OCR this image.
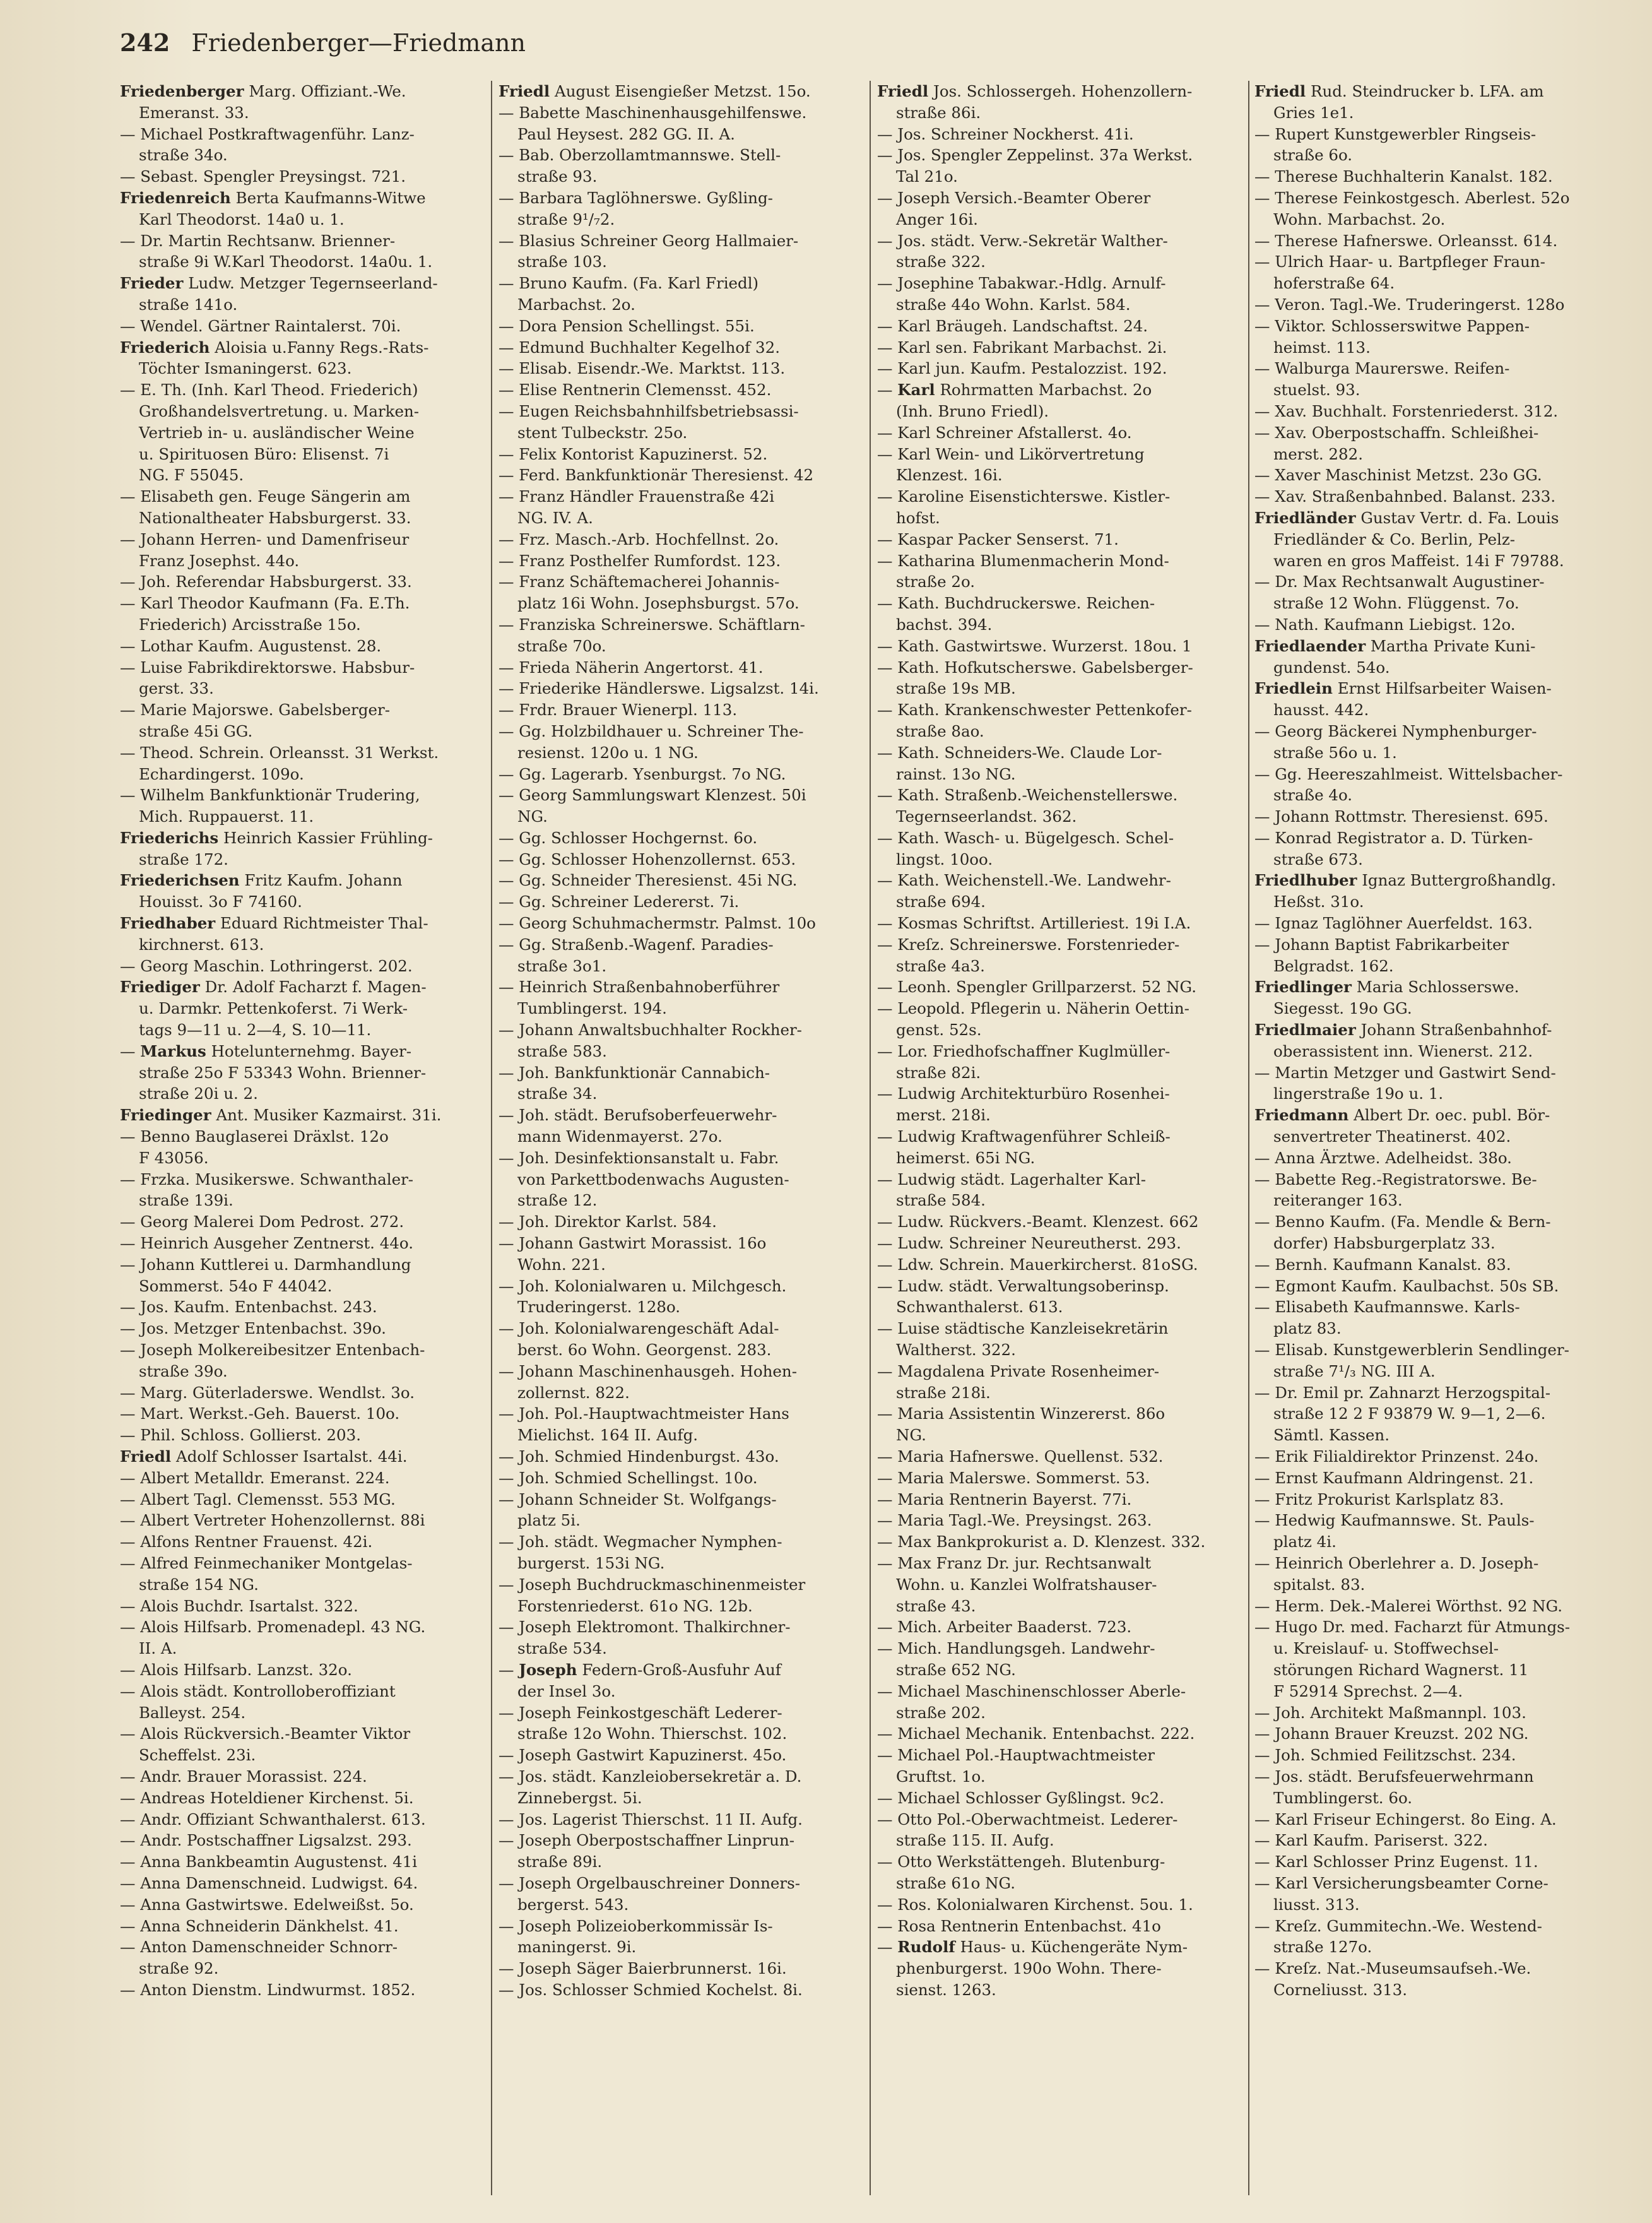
242 Friedenberger—Friedmann
Friedenberger Marg. Offiziant.-We.
Emeranst. 33.
— Michael Postkraftwagenführ. Lanz-
straße 34o.
— Sebast. Spengler Preysingst. 721.
Friedenreich Berta Kaufmanns-Witwe
Karl Theodorst. 14a0 u. 1.
— Dr. Martin Rechtsanw. Brienner-
straße 9i W.Karl Theodorst. 14a0u. 1.
Frieder Ludw. Metzger Tegernseerland-
straße 141o.
— Wendel. Gärtner Raintalerst. 70i.
Friederich Aloisia u.Fanny Regs.-Rats-
Töchter Ismaningerst. 623.
— E. Th. (Inh. Karl Theod. Friederich)
Großhandelsvertretung. u. Marken-
Vertrieb in- u. ausländischer Weine
u. Spirituosen Büro: Elisenst. 7i
NG. F 55045.
— Elisabeth gen. Feuge Sängerin am
Nationaltheater Habsburgerst. 33.
— Johann Herren- und Damenfriseur
Franz Josephst. 44o.
— Joh. Referendar Habsburgerst. 33.
— Karl Theodor Kaufmann (Fa. E.Th.
Friederich) Arcisstraße 15o.
— Lothar Kaufm. Augustenst. 28.
— Luise Fabrikdirektorswe. Habsbur-
gerst. 33.
— Marie Majorswe. Gabelsberger-
straße 45i GG.
— Theod. Schrein. Orleansst. 31 Werkst.
Echardingerst. 109o.
— Wilhelm Bankfunktionär Trudering,
Mich. Ruppauerst. 11.
Friederichs Heinrich Kassier Frühling-
straße 172.
Friederichsen Fritz Kaufm. Johann
Houisst. 3o F 74160.
Friedhaber Eduard Richtmeister Thal-
kirchnerst. 613.
— Georg Maschin. Lothringerst. 202.
Friediger Dr. Adolf Facharzt f. Magen-
u. Darmkr. Pettenkoferst. 7i Werk-
tags 9—11 u. 2—4, S. 10—11.
— Markus Hotelunternehmg. Bayer-
straße 25o F 53343 Wohn. Brienner-
straße 20i u. 2.
Friedinger Ant. Musiker Kazmairst. 31i.
— Benno Bauglaserei Dräxlst. 12o
F 43056.
— Frzka. Musikerswe. Schwanthaler-
straße 139i.
— Georg Malerei Dom Pedrost. 272.
— Heinrich Ausgeher Zentnerst. 44o.
— Johann Kuttlerei u. Darmhandlung
Sommerst. 54o F 44042.
— Jos. Kaufm. Entenbachst. 243.
— Jos. Metzger Entenbachst. 39o.
— Joseph Molkereibesitzer Entenbach-
straße 39o.
— Marg. Güterladerswe. Wendlst. 3o.
— Mart. Werkst.-Geh. Bauerst. 10o.
— Phil. Schloss. Gollierst. 203.
Friedl Adolf Schlosser Isartalst. 44i.
— Albert Metalldr. Emeranst. 224.
— Albert Tagl. Clemensst. 553 MG.
— Albert Vertreter Hohenzollernst. 88i
— Alfons Rentner Frauenst. 42i.
— Alfred Feinmechaniker Montgelas-
straße 154 NG.
— Alois Buchdr. Isartalst. 322.
— Alois Hilfsarb. Promenadepl. 43 NG.
II. A.
— Alois Hilfsarb. Lanzst. 32o.
— Alois städt. Kontrolloberoffiziant
Balleyst. 254.
— Alois Rückversich.-Beamter Viktor
Scheffelst. 23i.
— Andr. Brauer Morassist. 224.
— Andreas Hoteldiener Kirchenst. 5i.
— Andr. Offiziant Schwanthalerst. 613.
— Andr. Postschaffner Ligsalzst. 293.
— Anna Bankbeamtin Augustenst. 41i
— Anna Damenschneid. Ludwigst. 64.
— Anna Gastwirtswe. Edelweißst. 5o.
— Anna Schneiderin Dänkhelst. 41.
— Anton Damenschneider Schnorr-
straße 92.
— Anton Dienstm. Lindwurmst. 1852.
Friedl August Eisengießer Metzst. 15o.
— Babette Maschinenhausgehilfenswe.
Paul Heysest. 282 GG. II. A.
— Bab. Oberzollamtmannswe. Stell-
straße 93.
— Barbara Taglöhnerswe. Gyßling-
straße 9¹/₇2.
— Blasius Schreiner Georg Hallmaier-
straße 103.
— Bruno Kaufm. (Fa. Karl Friedl)
Marbachst. 2o.
— Dora Pension Schellingst. 55i.
— Edmund Buchhalter Kegelhof 32.
— Elisab. Eisendr.-We. Marktst. 113.
— Elise Rentnerin Clemensst. 452.
— Eugen Reichsbahnhilfsbetriebsassi-
stent Tulbeckstr. 25o.
— Felix Kontorist Kapuzinerst. 52.
— Ferd. Bankfunktionär Theresienst. 42
— Franz Händler Frauenstraße 42i
NG. IV. A.
— Frz. Masch.-Arb. Hochfellnst. 2o.
— Franz Posthelfer Rumfordst. 123.
— Franz Schäftemacherei Johannis-
platz 16i Wohn. Josephsburgst. 57o.
— Franziska Schreinerswe. Schäftlarn-
straße 70o.
— Frieda Näherin Angertorst. 41.
— Friederike Händlerswe. Ligsalzst. 14i.
— Frdr. Brauer Wienerpl. 113.
— Gg. Holzbildhauer u. Schreiner The-
resienst. 120o u. 1 NG.
— Gg. Lagerarb. Ysenburgst. 7o NG.
— Georg Sammlungswart Klenzest. 50i
NG.
— Gg. Schlosser Hochgernst. 6o.
— Gg. Schlosser Hohenzollernst. 653.
— Gg. Schneider Theresienst. 45i NG.
— Gg. Schreiner Ledererst. 7i.
— Georg Schuhmachermstr. Palmst. 10o
— Gg. Straßenb.-Wagenf. Paradies-
straße 3o1.
— Heinrich Straßenbahnoberführer
Tumblingerst. 194.
— Johann Anwaltsbuchhalter Rockher-
straße 583.
— Joh. Bankfunktionär Cannabich-
straße 34.
— Joh. städt. Berufsoberfeuerwehr-
mann Widenmayerst. 27o.
— Joh. Desinfektionsanstalt u. Fabr.
von Parkettbodenwachs Augusten-
straße 12.
— Joh. Direktor Karlst. 584.
— Johann Gastwirt Morassist. 16o
Wohn. 221.
— Joh. Kolonialwaren u. Milchgesch.
Truderingerst. 128o.
— Joh. Kolonialwarengeschäft Adal-
berst. 6o Wohn. Georgenst. 283.
— Johann Maschinenhausgeh. Hohen-
zollernst. 822.
— Joh. Pol.-Hauptwachtmeister Hans
Mielichst. 164 II. Aufg.
— Joh. Schmied Hindenburgst. 43o.
— Joh. Schmied Schellingst. 10o.
— Johann Schneider St. Wolfgangs-
platz 5i.
— Joh. städt. Wegmacher Nymphen-
burgerst. 153i NG.
— Joseph Buchdruckmaschinenmeister
Forstenriederst. 61o NG. 12b.
— Joseph Elektromont. Thalkirchner-
straße 534.
— Joseph Federn-Groß-Ausfuhr Auf
der Insel 3o.
— Joseph Feinkostgeschäft Lederer-
straße 12o Wohn. Thierschst. 102.
— Joseph Gastwirt Kapuzinerst. 45o.
— Jos. städt. Kanzleiobersekretär a. D.
Zinnebergst. 5i.
— Jos. Lagerist Thierschst. 11 II. Aufg.
— Joseph Oberpostschaffner Linprun-
straße 89i.
— Joseph Orgelbauschreiner Donners-
bergerst. 543.
— Joseph Polizeioberkommissär Is-
maningerst. 9i.
— Joseph Säger Baierbrunnerst. 16i.
— Jos. Schlosser Schmied Kochelst. 8i.
Friedl Jos. Schlossergeh. Hohenzollern-
straße 86i.
— Jos. Schreiner Nockherst. 41i.
— Jos. Spengler Zeppelinst. 37a Werkst.
Tal 21o.
— Joseph Versich.-Beamter Oberer
Anger 16i.
— Jos. städt. Verw.-Sekretär Walther-
straße 322.
— Josephine Tabakwar.-Hdlg. Arnulf-
straße 44o Wohn. Karlst. 584.
— Karl Bräugeh. Landschaftst. 24.
— Karl sen. Fabrikant Marbachst. 2i.
— Karl jun. Kaufm. Pestalozzist. 192.
— Karl Rohrmatten Marbachst. 2o
(Inh. Bruno Friedl).
— Karl Schreiner Afstallerst. 4o.
— Karl Wein- und Likörvertretung
Klenzest. 16i.
— Karoline Eisenstichterswe. Kistler-
hofst.
— Kaspar Packer Senserst. 71.
— Katharina Blumenmacherin Mond-
straße 2o.
— Kath. Buchdruckerswe. Reichen-
bachst. 394.
— Kath. Gastwirtswe. Wurzerst. 18ou. 1
— Kath. Hofkutscherswe. Gabelsberger-
straße 19s MB.
— Kath. Krankenschwester Pettenkofer-
straße 8ao.
— Kath. Schneiders-We. Claude Lor-
rainst. 13o NG.
— Kath. Straßenb.-Weichenstellerswe.
Tegernseerlandst. 362.
— Kath. Wasch- u. Bügelgesch. Schel-
lingst. 10oo.
— Kath. Weichenstell.-We. Landwehr-
straße 694.
— Kosmas Schriftst. Artilleriest. 19i I.A.
— Kreſz. Schreinerswe. Forstenrieder-
straße 4a3.
— Leonh. Spengler Grillparzerst. 52 NG.
— Leopold. Pflegerin u. Näherin Oettin-
genst. 52s.
— Lor. Friedhofschaffner Kuglmüller-
straße 82i.
— Ludwig Architekturbüro Rosenhei-
merst. 218i.
— Ludwig Kraftwagenführer Schleiß-
heimerst. 65i NG.
— Ludwig städt. Lagerhalter Karl-
straße 584.
— Ludw. Rückvers.-Beamt. Klenzest. 662
— Ludw. Schreiner Neureutherst. 293.
— Ldw. Schrein. Mauerkircherst. 81oSG.
— Ludw. städt. Verwaltungsoberinsp.
Schwanthalerst. 613.
— Luise städtische Kanzleisekretärin
Waltherst. 322.
— Magdalena Private Rosenheimer-
straße 218i.
— Maria Assistentin Winzererst. 86o
NG.
— Maria Hafnerswe. Quellenst. 532.
— Maria Malerswe. Sommerst. 53.
— Maria Rentnerin Bayerst. 77i.
— Maria Tagl.-We. Preysingst. 263.
— Max Bankprokurist a. D. Klenzest. 332.
— Max Franz Dr. jur. Rechtsanwalt
Wohn. u. Kanzlei Wolfratshauser-
straße 43.
— Mich. Arbeiter Baaderst. 723.
— Mich. Handlungsgeh. Landwehr-
straße 652 NG.
— Michael Maschinenschlosser Aberle-
straße 202.
— Michael Mechanik. Entenbachst. 222.
— Michael Pol.-Hauptwachtmeister
Gruftst. 1o.
— Michael Schlosser Gyßlingst. 9c2.
— Otto Pol.-Oberwachtmeist. Lederer-
straße 115. II. Aufg.
— Otto Werkstättengeh. Blutenburg-
straße 61o NG.
— Ros. Kolonialwaren Kirchenst. 5ou. 1.
— Rosa Rentnerin Entenbachst. 41o
— Rudolf Haus- u. Küchengeräte Nym-
phenburgerst. 190o Wohn. There-
sienst. 1263.
Friedl Rud. Steindrucker b. LFA. am
Gries 1e1.
— Rupert Kunstgewerbler Ringseis-
straße 6o.
— Therese Buchhalterin Kanalst. 182.
— Therese Feinkostgesch. Aberlest. 52o
Wohn. Marbachst. 2o.
— Therese Hafnerswe. Orleansst. 614.
— Ulrich Haar- u. Bartpfleger Fraun-
hoferstraße 64.
— Veron. Tagl.-We. Truderingerst. 128o
— Viktor. Schlosserswitwe Pappen-
heimst. 113.
— Walburga Maurerswe. Reifen-
stuelst. 93.
— Xav. Buchhalt. Forstenriederst. 312.
— Xav. Oberpostschaffn. Schleißhei-
merst. 282.
— Xaver Maschinist Metzst. 23o GG.
— Xav. Straßenbahnbed. Balanst. 233.
Friedländer Gustav Vertr. d. Fa. Louis
Friedländer & Co. Berlin, Pelz-
waren en gros Maffeist. 14i F 79788.
— Dr. Max Rechtsanwalt Augustiner-
straße 12 Wohn. Flüggenst. 7o.
— Nath. Kaufmann Liebigst. 12o.
Friedlaender Martha Private Kuni-
gundenst. 54o.
Friedlein Ernst Hilfsarbeiter Waisen-
hausst. 442.
— Georg Bäckerei Nymphenburger-
straße 56o u. 1.
— Gg. Heereszahlmeist. Wittelsbacher-
straße 4o.
— Johann Rottmstr. Theresienst. 695.
— Konrad Registrator a. D. Türken-
straße 673.
Friedlhuber Ignaz Buttergroßhandlg.
Heßst. 31o.
— Ignaz Taglöhner Auerfeldst. 163.
— Johann Baptist Fabrikarbeiter
Belgradst. 162.
Friedlinger Maria Schlosserswe.
Siegesst. 19o GG.
Friedlmaier Johann Straßenbahnhof-
oberassistent inn. Wienerst. 212.
— Martin Metzger und Gastwirt Send-
lingerstraße 19o u. 1.
Friedmann Albert Dr. oec. publ. Bör-
senvertreter Theatinerst. 402.
— Anna Ärztwe. Adelheidst. 38o.
— Babette Reg.-Registratorswe. Be-
reiteranger 163.
— Benno Kaufm. (Fa. Mendle & Bern-
dorfer) Habsburgerplatz 33.
— Bernh. Kaufmann Kanalst. 83.
— Egmont Kaufm. Kaulbachst. 50s SB.
— Elisabeth Kaufmannswe. Karls-
platz 83.
— Elisab. Kunstgewerblerin Sendlinger-
straße 7¹/₃ NG. III A.
— Dr. Emil pr. Zahnarzt Herzogspital-
straße 12 2 F 93879 W. 9—1, 2—6.
Sämtl. Kassen.
— Erik Filialdirektor Prinzenst. 24o.
— Ernst Kaufmann Aldringenst. 21.
— Fritz Prokurist Karlsplatz 83.
— Hedwig Kaufmannswe. St. Pauls-
platz 4i.
— Heinrich Oberlehrer a. D. Joseph-
spitalst. 83.
— Herm. Dek.-Malerei Wörthst. 92 NG.
— Hugo Dr. med. Facharzt für Atmungs-
u. Kreislauf- u. Stoffwechsel-
störungen Richard Wagnerst. 11
F 52914 Sprechst. 2—4.
— Joh. Architekt Maßmannpl. 103.
— Johann Brauer Kreuzst. 202 NG.
— Joh. Schmied Feilitzschst. 234.
— Jos. städt. Berufsfeuerwehrmann
Tumblingerst. 6o.
— Karl Friseur Echingerst. 8o Eing. A.
— Karl Kaufm. Pariserst. 322.
— Karl Schlosser Prinz Eugenst. 11.
— Karl Versicherungsbeamter Corne-
liusst. 313.
— Kreſz. Gummitechn.-We. Westend-
straße 127o.
— Kreſz. Nat.-Museumsaufseh.-We.
Corneliusst. 313.
